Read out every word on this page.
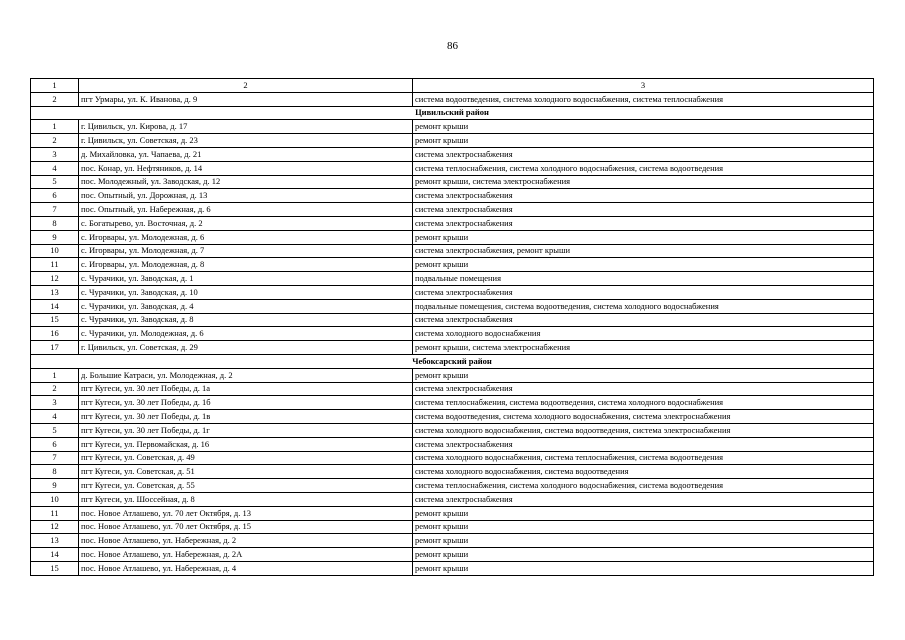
86
1	2	3
2	пгт Урмары, ул. К. Иванова, д. 9	система водоотведения, система холодного водоснабжения, система теплоснабжения
Цивильский район		
1	г. Цивильск, ул. Кирова, д. 17	ремонт крыши
2	г. Цивильск, ул. Советская, д. 23	ремонт крыши
3	д. Михайловка, ул. Чапаева, д. 21	система электроснабжения
4	пос. Конар, ул. Нефтяников, д. 14	система теплоснабжения, система холодного водоснабжения, система водоотведения
5	пос. Молодежный, ул. Заводская, д. 12	ремонт крыши, система электроснабжения
6	пос. Опытный, ул. Дорожная, д. 13	система электроснабжения
7	пос. Опытный, ул. Набережная, д. 6	система электроснабжения
8	с. Богатырево, ул. Восточная, д. 2	система электроснабжения
9	с. Игорвары, ул. Молодежная, д. 6	ремонт крыши
10	с. Игорвары, ул. Молодежная, д. 7	система электроснабжения, ремонт крыши
11	с. Игорвары, ул. Молодежная, д. 8	ремонт крыши
12	с. Чурачики, ул. Заводская, д. 1	подвальные помещения
13	с. Чурачики, ул. Заводская, д. 10	система электроснабжения
14	с. Чурачики, ул. Заводская, д. 4	подвальные помещения, система водоотведения, система холодного водоснабжения
15	с. Чурачики, ул. Заводская, д. 8	система электроснабжения
16	с. Чурачики, ул. Молодежная, д. 6	система холодного водоснабжения
17	г. Цивильск, ул. Советская, д. 29	ремонт крыши, система электроснабжения
Чебоксарский район		
1	д. Большие Катраси, ул. Молодежная, д. 2	ремонт крыши
2	пгт Кугеси, ул. 30 лет Победы, д. 1а	система электроснабжения
3	пгт Кугеси, ул. 30 лет Победы, д. 1б	система теплоснабжения, система водоотведения, система холодного водоснабжения
4	пгт Кугеси, ул. 30 лет Победы, д. 1в	система водоотведения, система холодного водоснабжения, система электроснабжения
5	пгт Кугеси, ул. 30 лет Победы, д. 1г	система холодного водоснабжения, система водоотведения, система электроснабжения
6	пгт Кугеси, ул. Первомайская, д. 16	система электроснабжения
7	пгт Кугеси, ул. Советская, д. 49	система холодного водоснабжения, система теплоснабжения, система водоотведения
8	пгт Кугеси, ул. Советская, д. 51	система холодного водоснабжения, система водоотведения
9	пгт Кугеси, ул. Советская, д. 55	система теплоснабжения, система холодного водоснабжения, система водоотведения
10	пгт Кугеси, ул. Шоссейная, д. 8	система электроснабжения
11	пос. Новое Атлашево, ул. 70 лет Октября, д. 13	ремонт крыши
12	пос. Новое Атлашево, ул. 70 лет Октября, д. 15	ремонт крыши
13	пос. Новое Атлашево, ул. Набережная, д. 2	ремонт крыши
14	пос. Новое Атлашево, ул. Набережная, д. 2А	ремонт крыши
15	пос. Новое Атлашево, ул. Набережная, д. 4	ремонт крыши
